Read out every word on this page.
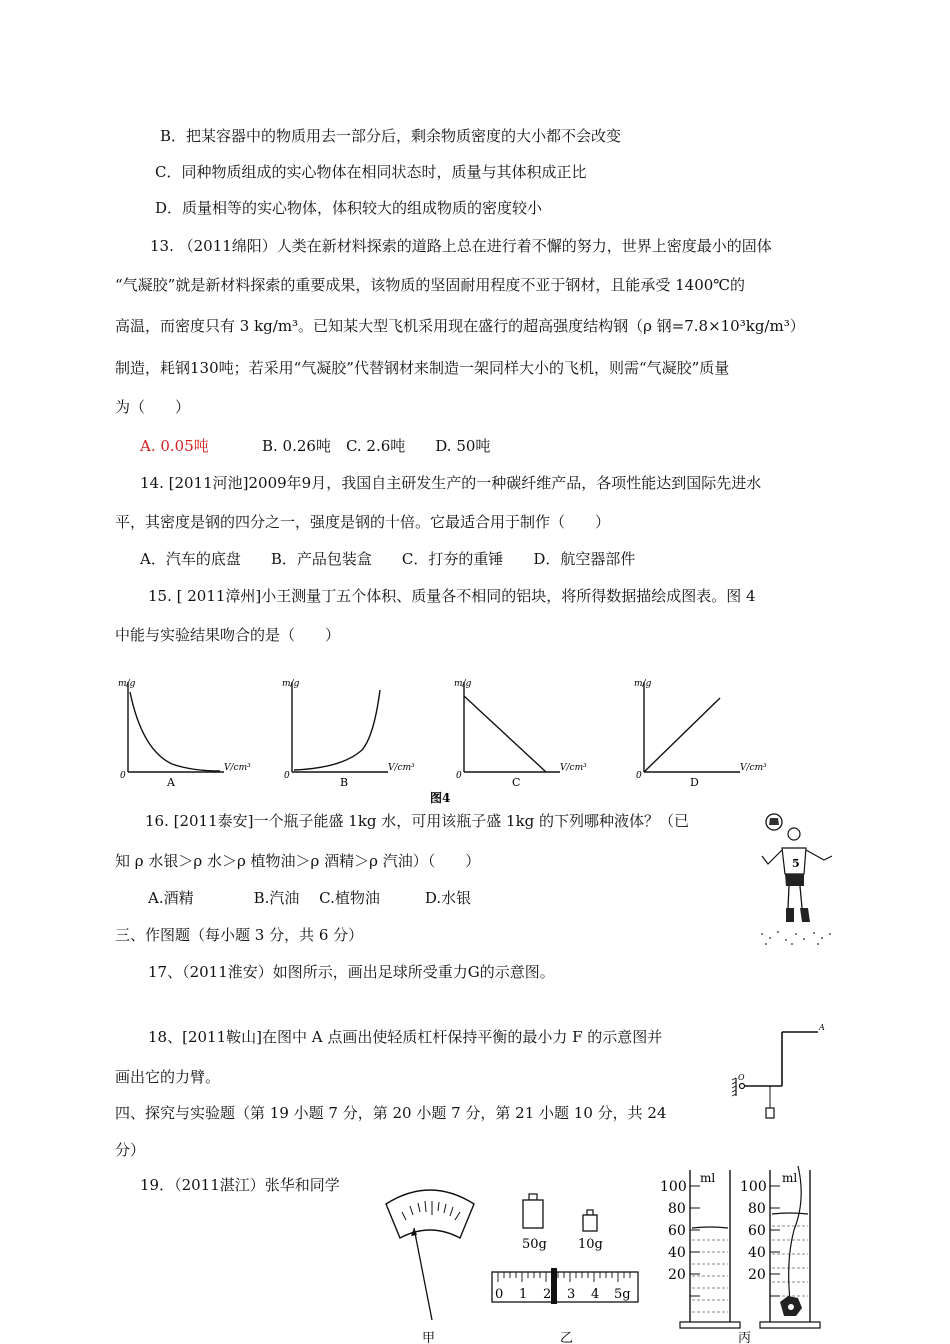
B．把某容器中的物质用去一部分后，剩余物质密度的大小都不会改变
C．同种物质组成的实心物体在相同状态时，质量与其体积成正比
D．质量相等的实心物体，体积较大的组成物质的密度较小
13. （2011绵阳）人类在新材料探索的道路上总在进行着不懈的努力，世界上密度最小的固体
“气凝胶”就是新材料探索的重要成果，该物质的坚固耐用程度不亚于钢材，且能承受 1400℃的
高温，而密度只有 3 kg/m³。已知某大型飞机采用现在盛行的超高强度结构钢（ρ 钢=7.8×10³kg/m³）
制造，耗钢130吨；若采用“气凝胶”代替钢材来制造一架同样大小的飞机，则需“气凝胶”质量
为（　　）
A. 0.05吨	B. 0.26吨　C. 2.6吨　　D. 50吨
14. [2011河池]2009年9月，我国自主研发生产的一种碳纤维产品，各项性能达到国际先进水
平，其密度是钢的四分之一，强度是钢的十倍。它最适合用于制作（　　）
A．汽车的底盘　　B．产品包装盒　　C．打夯的重锤　　D．航空器部件
15. [ 2011漳州]小王测量丁五个体积、质量各不相同的铝块，将所得数据描绘成图表。图 4
中能与实验结果吻合的是（　　）
m/g
0
V/cm³
A
m/g
0
V/cm³
B
m/g
0
V/cm³
C
m/g
0
V/cm³
D
图4
16. [2011泰安]一个瓶子能盛 1kg 水，可用该瓶子盛 1kg 的下列哪种液体？（已
知 ρ 水银＞ρ 水＞ρ 植物油＞ρ 酒精＞ρ 汽油）（　　）
A.酒精　　　　B.汽油　 C.植物油　　　D.水银
5
三、作图题（每小题 3 分，共 6 分）
17、（2011淮安）如图所示，画出足球所受重力G的示意图。
18、[2011鞍山]在图中 A 点画出使轻质杠杆保持平衡的最小力 F 的示意图并
画出它的力臂。
A
O
四、探究与实验题（第 19 小题 7 分，第 20 小题 7 分，第 21 小题 10 分，共 24
分）
19．（2011湛江）张华和同学
甲
50g 10g
0 1 2 3 4 5g
乙
ml
100
80
60
40
20
ml
100
80
60
40
20
丙
